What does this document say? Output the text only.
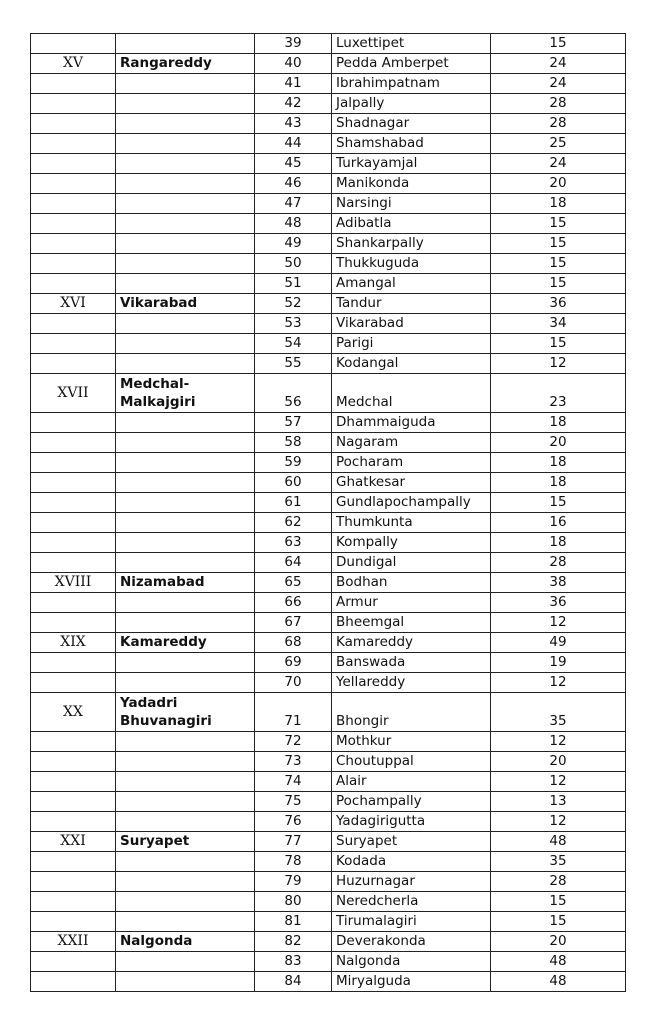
		39	Luxettipet	15
XV	Rangareddy	40	Pedda Amberpet	24
		41	Ibrahimpatnam	24
		42	Jalpally	28
		43	Shadnagar	28
		44	Shamshabad	25
		45	Turkayamjal	24
		46	Manikonda	20
		47	Narsingi	18
		48	Adibatla	15
		49	Shankarpally	15
		50	Thukkuguda	15
		51	Amangal	15
XVI	Vikarabad	52	Tandur	36
		53	Vikarabad	34
		54	Parigi	15
		55	Kodangal	12
XVII	Medchal-Malkajgiri	56	Medchal	23
		57	Dhammaiguda	18
		58	Nagaram	20
		59	Pocharam	18
		60	Ghatkesar	18
		61	Gundlapochampally	15
		62	Thumkunta	16
		63	Kompally	18
		64	Dundigal	28
XVIII	Nizamabad	65	Bodhan	38
		66	Armur	36
		67	Bheemgal	12
XIX	Kamareddy	68	Kamareddy	49
		69	Banswada	19
		70	Yellareddy	12
XX	Yadadri Bhuvanagiri	71	Bhongir	35
		72	Mothkur	12
		73	Choutuppal	20
		74	Alair	12
		75	Pochampally	13
		76	Yadagirigutta	12
XXI	Suryapet	77	Suryapet	48
		78	Kodada	35
		79	Huzurnagar	28
		80	Neredcherla	15
		81	Tirumalagiri	15
XXII	Nalgonda	82	Deverakonda	20
		83	Nalgonda	48
		84	Miryalguda	48
